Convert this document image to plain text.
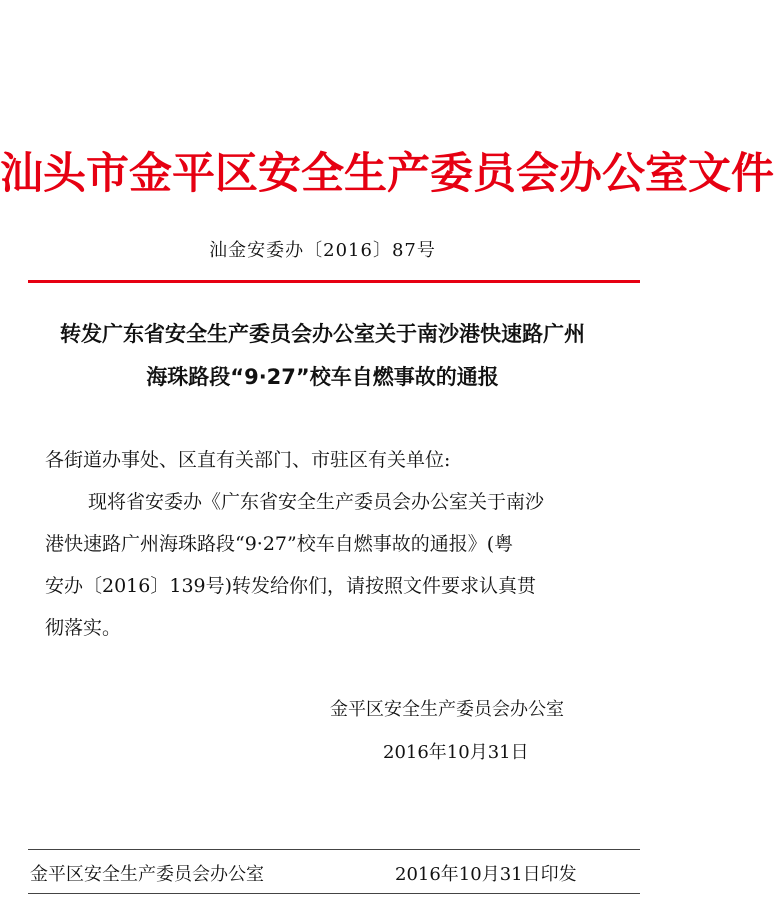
汕头市金平区安全生产委员会办公室文件
汕金安委办〔2016〕87号
转发广东省安全生产委员会办公室关于南沙港快速路广州
海珠路段“9·27”校车自燃事故的通报
各街道办事处、区直有关部门、市驻区有关单位:
现将省安委办《广东省安全生产委员会办公室关于南沙
港快速路广州海珠路段“9·27”校车自燃事故的通报》(粤
安办〔2016〕139号)转发给你们，请按照文件要求认真贯
彻落实。
金平区安全生产委员会办公室
2016年10月31日
金平区安全生产委员会办公室	2016年10月31日印发
